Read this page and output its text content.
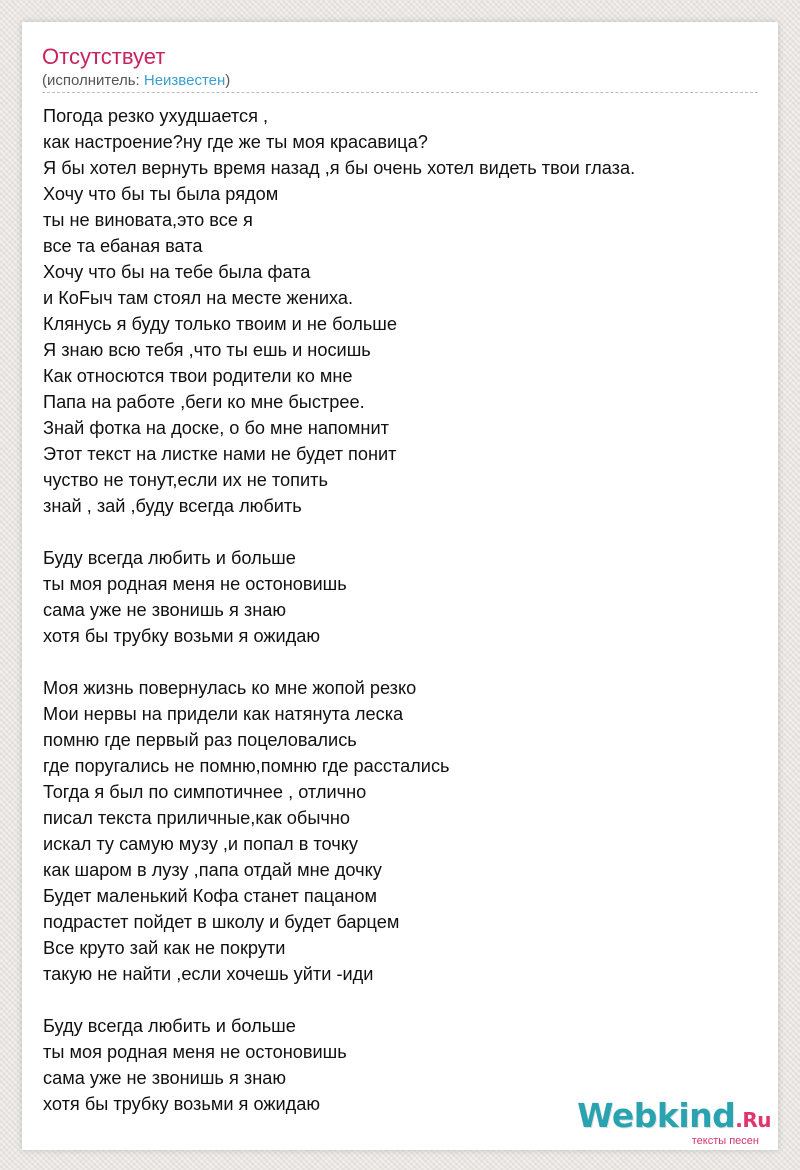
Отсутствует
(исполнитель: Неизвестен)
Погода резко ухудшается ,
как настроение?ну где же ты моя красавица?
Я бы хотел вернуть время назад ,я бы очень хотел видеть твои глаза.
Хочу что бы ты была рядом
ты не виновата,это все я
все та ебаная вата
Хочу что бы на тебе была фата
и КоFыч там стоял на месте жениха.
Клянусь я буду только твоим и не больше
Я знаю всю тебя ,что ты ешь и носишь
Как относются твои родители ко мне
Папа на работе ,беги ко мне быстрее.
Знай фотка на доске, о бо мне напомнит
Этот текст на листке нами не будет понит
чуство не тонут,если их не топить
знай , зай ,буду всегда любить
Буду всегда любить и больше
ты моя родная меня не остоновишь
сама уже не звонишь я знаю
хотя бы трубку возьми я ожидаю
Моя жизнь повернулась ко мне жопой резко
Мои нервы на придели как натянута леска
помню где первый раз поцеловались
где поругались не помню,помню где расстались
Тогда я был по симпотичнее , отлично
писал текста приличные,как обычно
искал ту самую музу ,и попал в точку
как шаром в лузу ,папа отдай мне дочку
Будет маленький Кофа станет пацаном
подрастет пойдет в школу и будет барцем
Все круто зай как не покрути
такую не найти ,если хочешь уйти -иди
Буду всегда любить и больше
ты моя родная меня не остоновишь
сама уже не звонишь я знаю
хотя бы трубку возьми я ожидаю	Webkind.Ru
тексты песен
